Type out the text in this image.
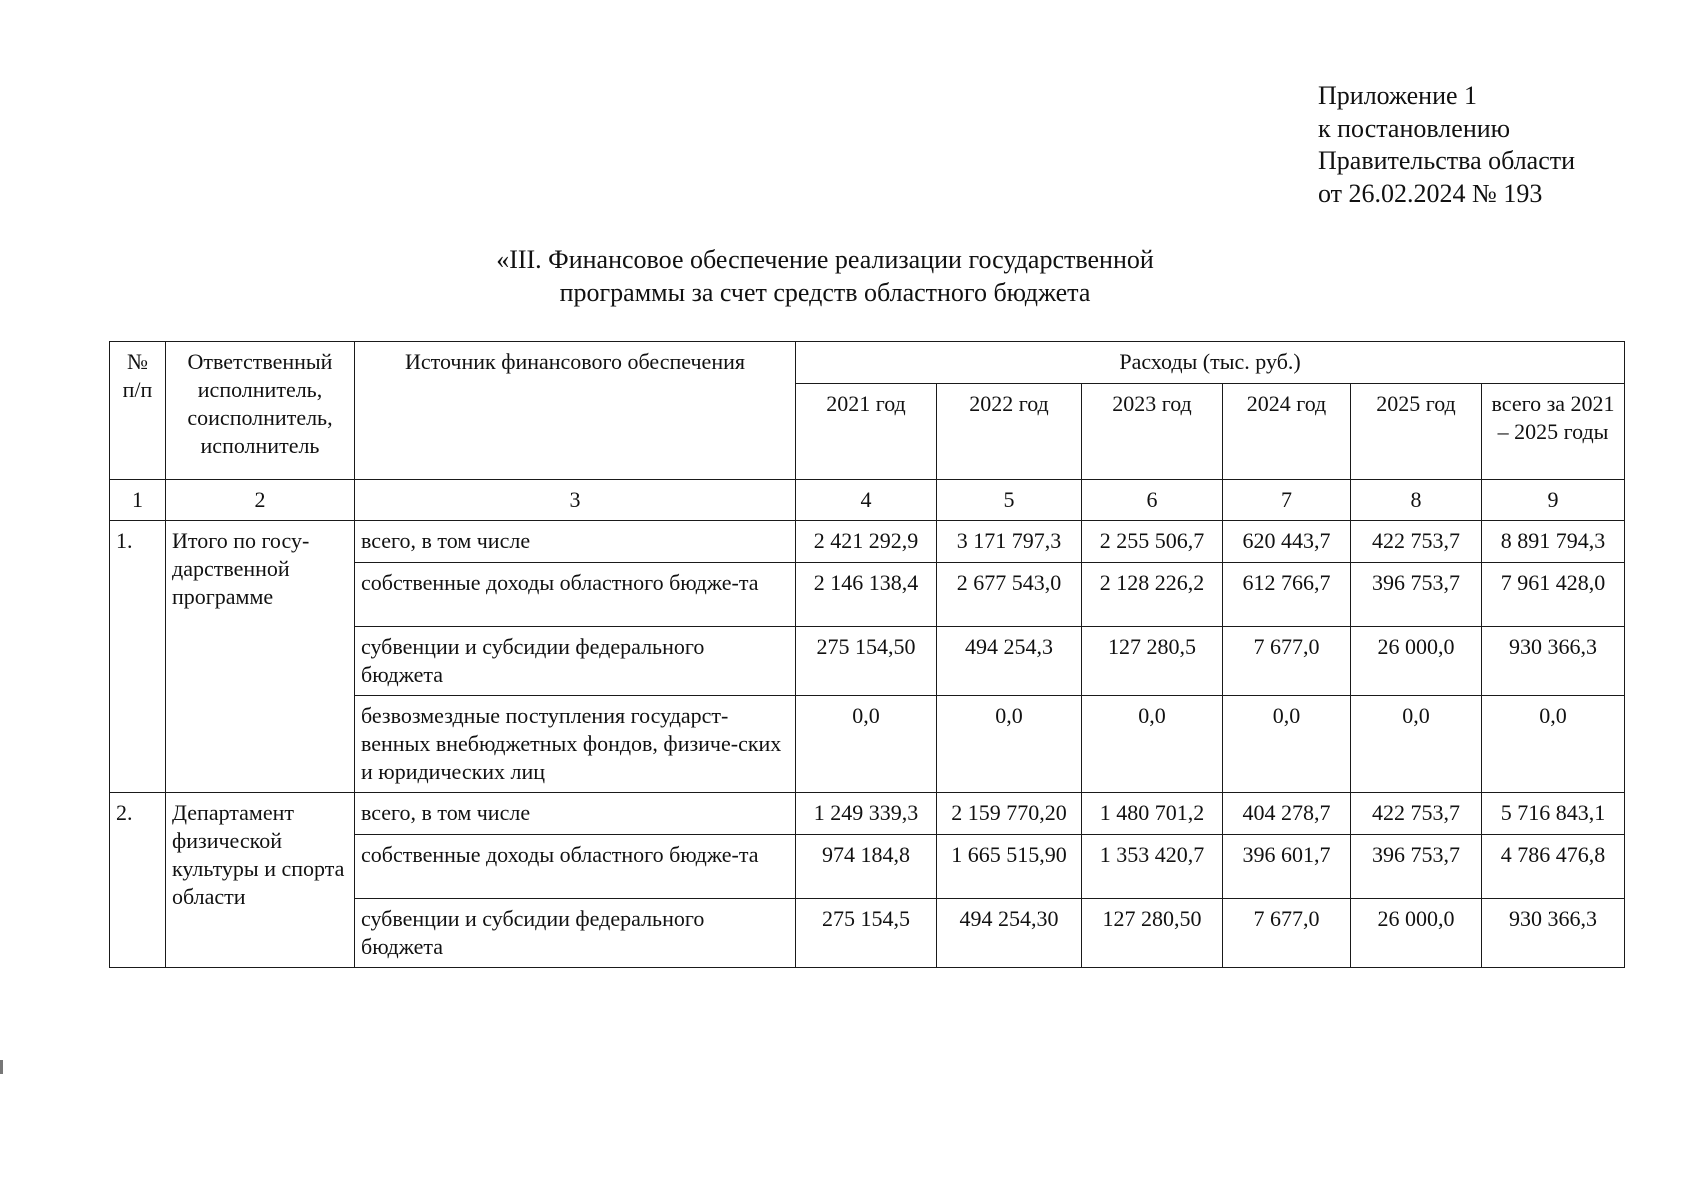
Приложение 1
к постановлению
Правительства области
от 26.02.2024 № 193
«III. Финансовое обеспечение реализации государственной
программы за счет средств областного бюджета
№ п/п	Ответственный исполнитель, соисполнитель, исполнитель	Источник финансового обеспечения	Расходы (тыс. руб.)					
			2021 год	2022 год	2023 год	2024 год	2025 год	всего за 2021 – 2025 годы
1	2	3	4	5	6	7	8	9
1.	Итого по госу-дарственной программе	всего, в том числе	2 421 292,9	3 171 797,3	2 255 506,7	620 443,7	422 753,7	8 891 794,3
		собственные доходы областного бюдже-та	2 146 138,4	2 677 543,0	2 128 226,2	612 766,7	396 753,7	7 961 428,0
		субвенции и субсидии федерального бюджета	275 154,50	494 254,3	127 280,5	7 677,0	26 000,0	930 366,3
		безвозмездные поступления государст-венных внебюджетных фондов, физиче-ских и юридических лиц	0,0	0,0	0,0	0,0	0,0	0,0
2.	Департамент физической культуры и спорта области	всего, в том числе	1 249 339,3	2 159 770,20	1 480 701,2	404 278,7	422 753,7	5 716 843,1
		собственные доходы областного бюдже-та	974 184,8	1 665 515,90	1 353 420,7	396 601,7	396 753,7	4 786 476,8
		субвенции и субсидии федерального бюджета	275 154,5	494 254,30	127 280,50	7 677,0	26 000,0	930 366,3
